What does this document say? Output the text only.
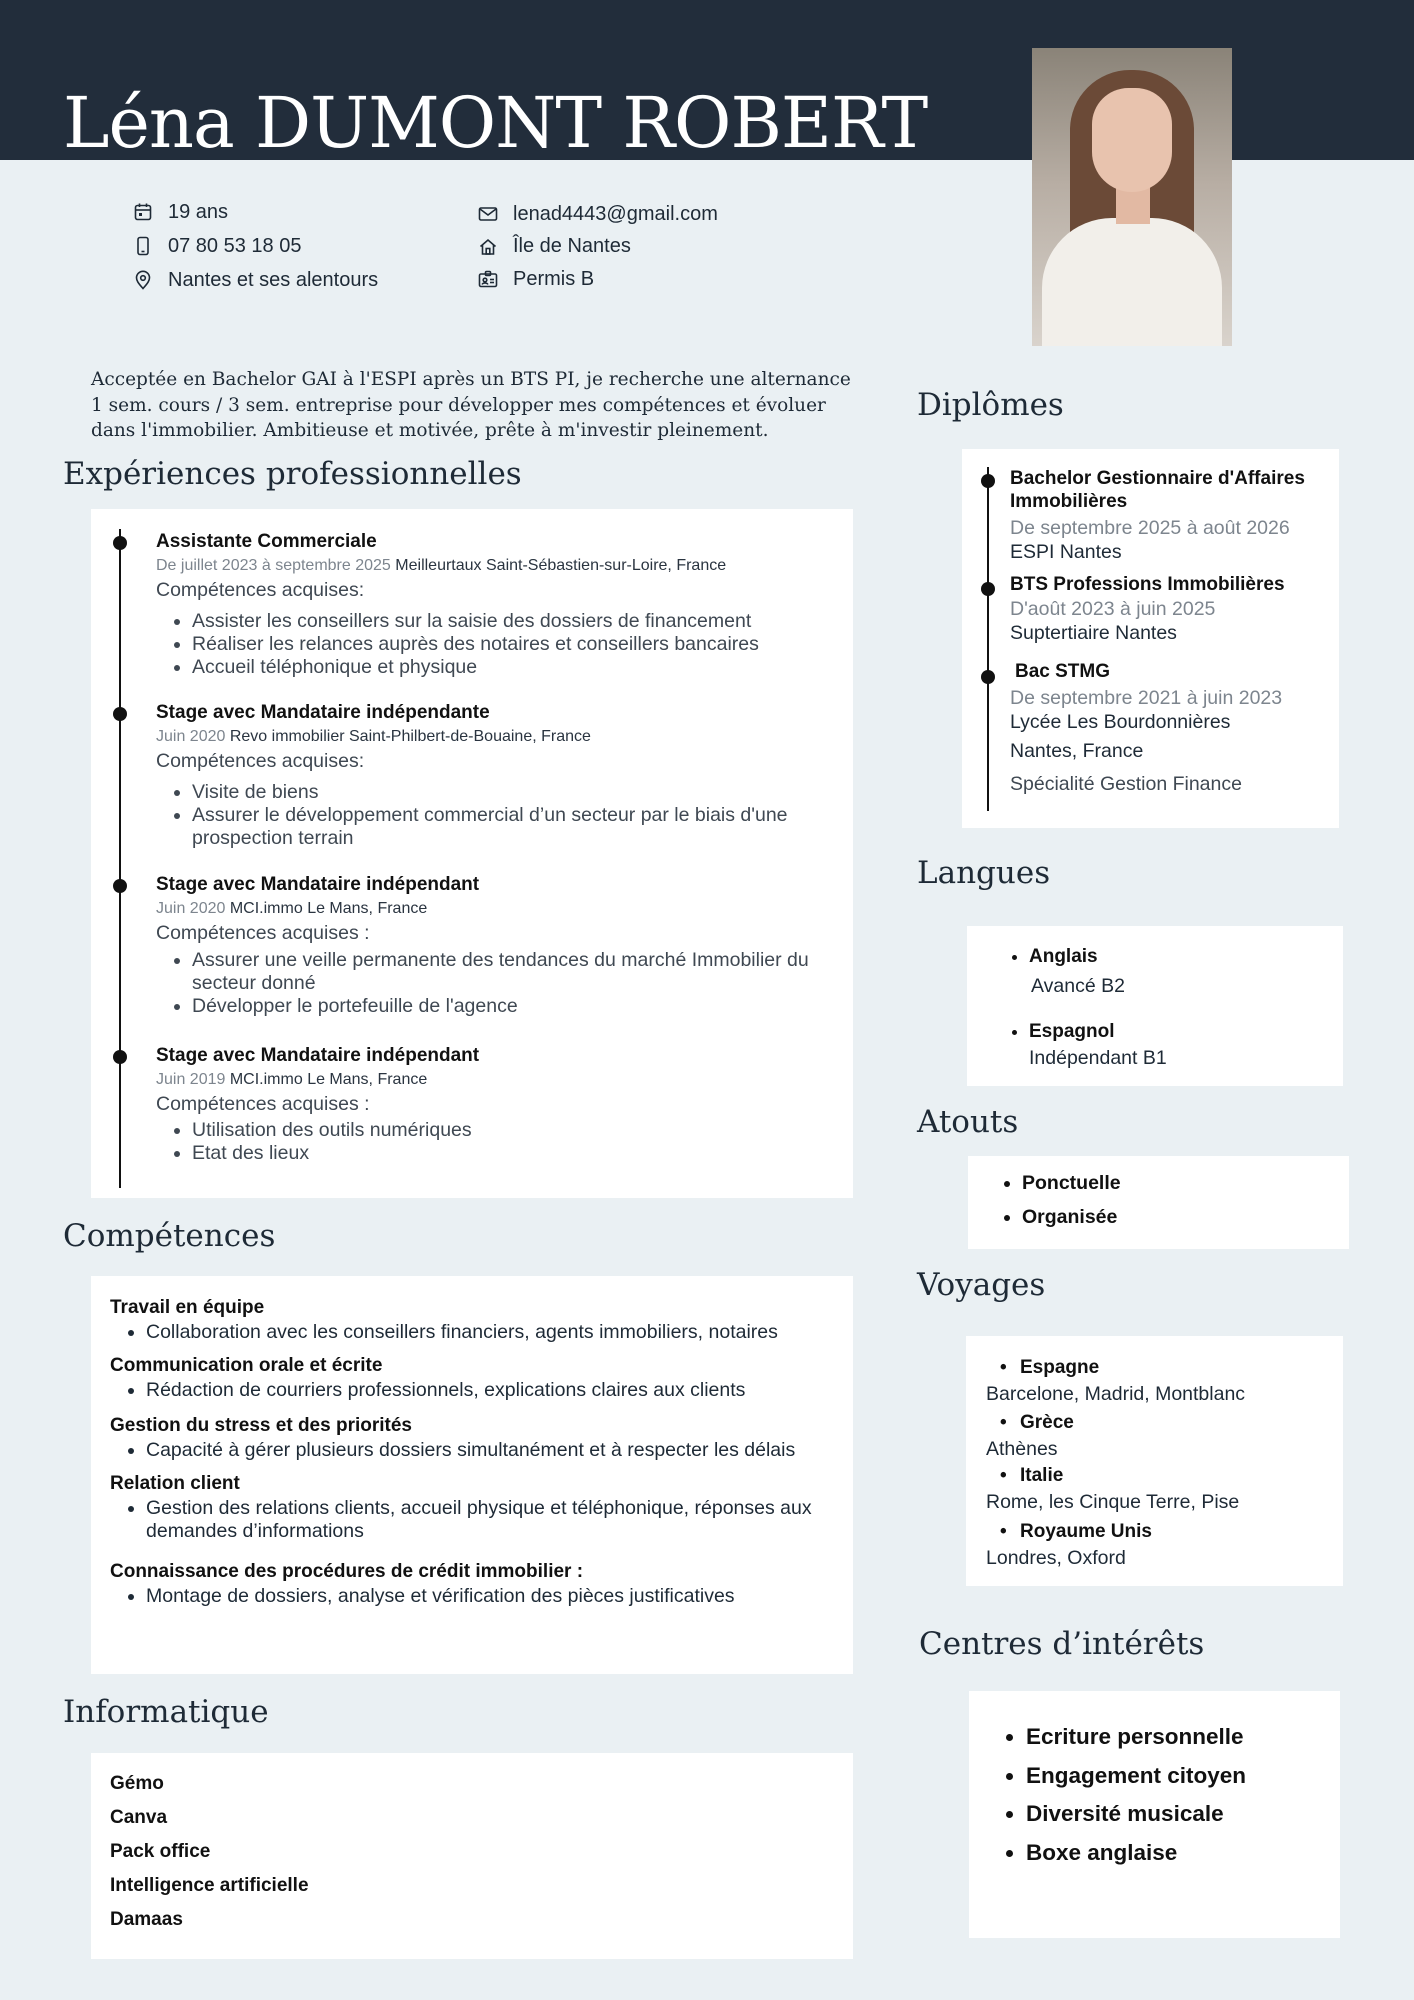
Léna DUMONT ROBERT
19 ans
07 80 53 18 05
Nantes et ses alentours
lenad4443@gmail.com
Île de Nantes
Permis B
Acceptée en Bachelor GAI à l'ESPI après un BTS PI, je recherche une alternance 1 sem. cours / 3 sem. entreprise pour développer mes compétences et évoluer dans l'immobilier. Ambitieuse et motivée, prête à m'investir pleinement.
Expériences professionnelles
Assistante Commerciale
De juillet 2023 à septembre 2025 Meilleurtaux Saint-Sébastien-sur-Loire, France
Compétences acquises:
• Assister les conseillers sur la saisie des dossiers de financement
• Réaliser les relances auprès des notaires et conseillers bancaires
• Accueil téléphonique et physique
Stage avec Mandataire indépendante
Juin 2020 Revo immobilier Saint-Philbert-de-Bouaine, France
Compétences acquises:
• Visite de biens
• Assurer le développement commercial d’un secteur par le biais d'une prospection terrain
Stage avec Mandataire indépendant
Juin 2020 MCI.immo Le Mans, France
Compétences acquises :
• Assurer une veille permanente des tendances du marché Immobilier du secteur donné
• Développer le portefeuille de l'agence
Stage avec Mandataire indépendant
Juin 2019 MCI.immo Le Mans, France
Compétences acquises :
• Utilisation des outils numériques
• Etat des lieux
Compétences
Travail en équipe
• Collaboration avec les conseillers financiers, agents immobiliers, notaires
Communication orale et écrite
• Rédaction de courriers professionnels, explications claires aux clients
Gestion du stress et des priorités
• Capacité à gérer plusieurs dossiers simultanément et à respecter les délais
Relation client
• Gestion des relations clients, accueil physique et téléphonique, réponses aux demandes d’informations
Connaissance des procédures de crédit immobilier :
• Montage de dossiers, analyse et vérification des pièces justificatives
Informatique
Gémo
Canva
Pack office
Intelligence artificielle
Damaas
Diplômes
Bachelor Gestionnaire d'Affaires Immobilières
De septembre 2025 à août 2026
ESPI Nantes
BTS Professions Immobilières
D'août 2023 à juin 2025
Suptertiaire Nantes
Bac STMG
De septembre 2021 à juin 2023
Lycée Les Bourdonnières
Nantes, France
Spécialité Gestion Finance
Langues
• Anglais
Avancé B2
• Espagnol
Indépendant B1
Atouts
• Ponctuelle
• Organisée
Voyages
• Espagne
Barcelone, Madrid, Montblanc
• Grèce
Athènes
• Italie
Rome, les Cinque Terre, Pise
• Royaume Unis
Londres, Oxford
Centres d’intérêts
• Ecriture personnelle
• Engagement citoyen
• Diversité musicale
• Boxe anglaise
